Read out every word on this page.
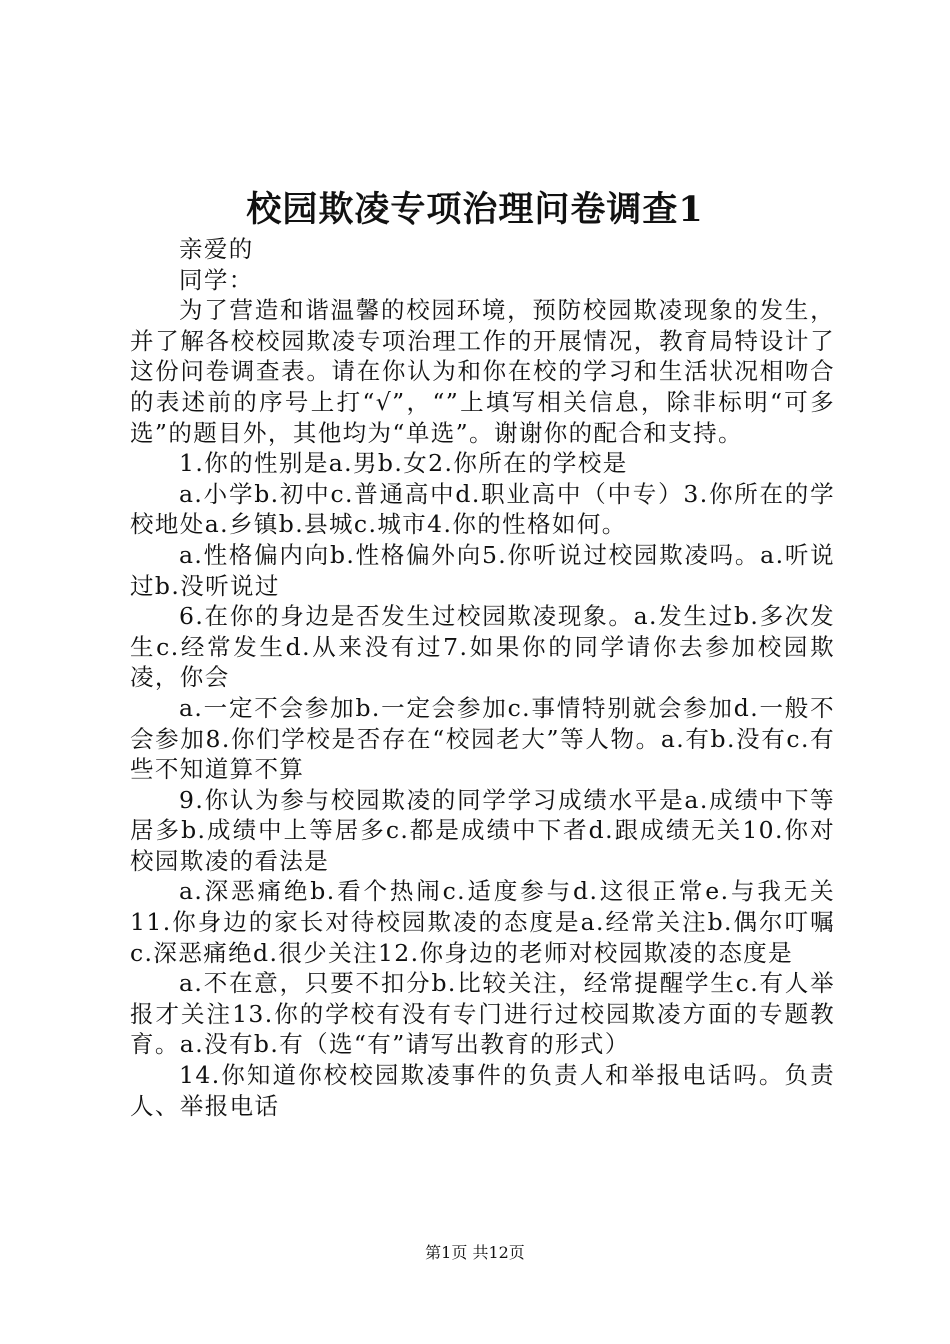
校园欺凌专项治理问卷调查1

亲爱的

同学：

为了营造和谐温馨的校园环境，预防校园欺凌现象的发生，并了解各校校园欺凌专项治理工作的开展情况，教育局特设计了这份问卷调查表。请在你认为和你在校的学习和生活状况相吻合的表述前的序号上打“√”，“”上填写相关信息，除非标明“可多选”的题目外，其他均为“单选”。谢谢你的配合和支持。

1.你的性别是a.男b.女2.你所在的学校是

a.小学b.初中c.普通高中d.职业高中（中专）3.你所在的学校地处a.乡镇b.县城c.城市4.你的性格如何。

a.性格偏内向b.性格偏外向5.你听说过校园欺凌吗。a.听说过b.没听说过

6.在你的身边是否发生过校园欺凌现象。a.发生过b.多次发生c.经常发生d.从来没有过7.如果你的同学请你去参加校园欺凌，你会

a.一定不会参加b.一定会参加c.事情特别就会参加d.一般不会参加8.你们学校是否存在“校园老大”等人物。a.有b.没有c.有些不知道算不算

9.你认为参与校园欺凌的同学学习成绩水平是a.成绩中下等居多b.成绩中上等居多c.都是成绩中下者d.跟成绩无关10.你对校园欺凌的看法是

a.深恶痛绝b.看个热闹c.适度参与d.这很正常e.与我无关11.你身边的家长对待校园欺凌的态度是a.经常关注b.偶尔叮嘱c.深恶痛绝d.很少关注12.你身边的老师对校园欺凌的态度是

a.不在意，只要不扣分b.比较关注，经常提醒学生c.有人举报才关注13.你的学校有没有专门进行过校园欺凌方面的专题教育。a.没有b.有（选“有”请写出教育的形式）

14.你知道你校校园欺凌事件的负责人和举报电话吗。负责人、举报电话

第1页 共12页
